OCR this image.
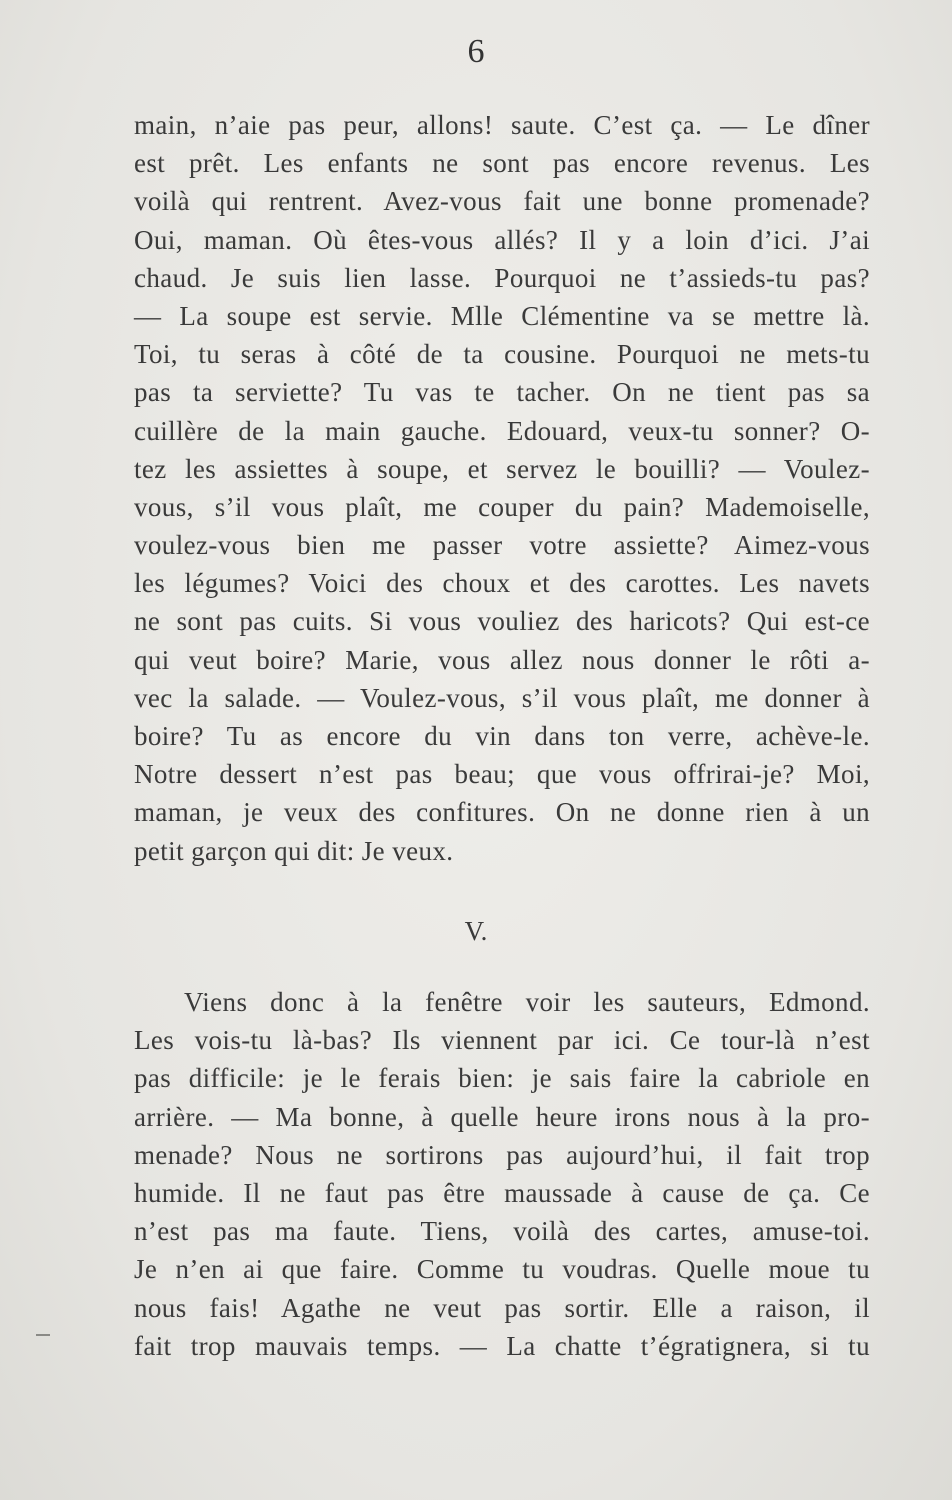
6
main, n’aie pas peur, allons! saute. C’est ça. — Le dîner
est prêt. Les enfants ne sont pas encore revenus. Les
voilà qui rentrent. Avez-vous fait une bonne promenade?
Oui, maman. Où êtes-vous allés? Il y a loin d’ici. J’ai
chaud. Je suis lien lasse. Pourquoi ne t’assieds-tu pas?
— La soupe est servie. Mlle Clémentine va se mettre là.
Toi, tu seras à côté de ta cousine. Pourquoi ne mets-tu
pas ta serviette? Tu vas te tacher. On ne tient pas sa
cuillère de la main gauche. Edouard, veux-tu sonner? O-
tez les assiettes à soupe, et servez le bouilli? — Voulez-
vous, s’il vous plaît, me couper du pain? Mademoiselle,
voulez-vous bien me passer votre assiette? Aimez-vous
les légumes? Voici des choux et des carottes. Les navets
ne sont pas cuits. Si vous vouliez des haricots? Qui est-ce
qui veut boire? Marie, vous allez nous donner le rôti a-
vec la salade. — Voulez-vous, s’il vous plaît, me donner à
boire? Tu as encore du vin dans ton verre, achève-le.
Notre dessert n’est pas beau; que vous offrirai-je? Moi,
maman, je veux des confitures. On ne donne rien à un
petit garçon qui dit: Je veux.
V.
Viens donc à la fenêtre voir les sauteurs, Edmond.
Les vois-tu là-bas? Ils viennent par ici. Ce tour-là n’est
pas difficile: je le ferais bien: je sais faire la cabriole en
arrière. — Ma bonne, à quelle heure irons nous à la pro-
menade? Nous ne sortirons pas aujourd’hui, il fait trop
humide. Il ne faut pas être maussade à cause de ça. Ce
n’est pas ma faute. Tiens, voilà des cartes, amuse-toi.
Je n’en ai que faire. Comme tu voudras. Quelle moue tu
nous fais! Agathe ne veut pas sortir. Elle a raison, il
fait trop mauvais temps. — La chatte t’égratignera, si tu
